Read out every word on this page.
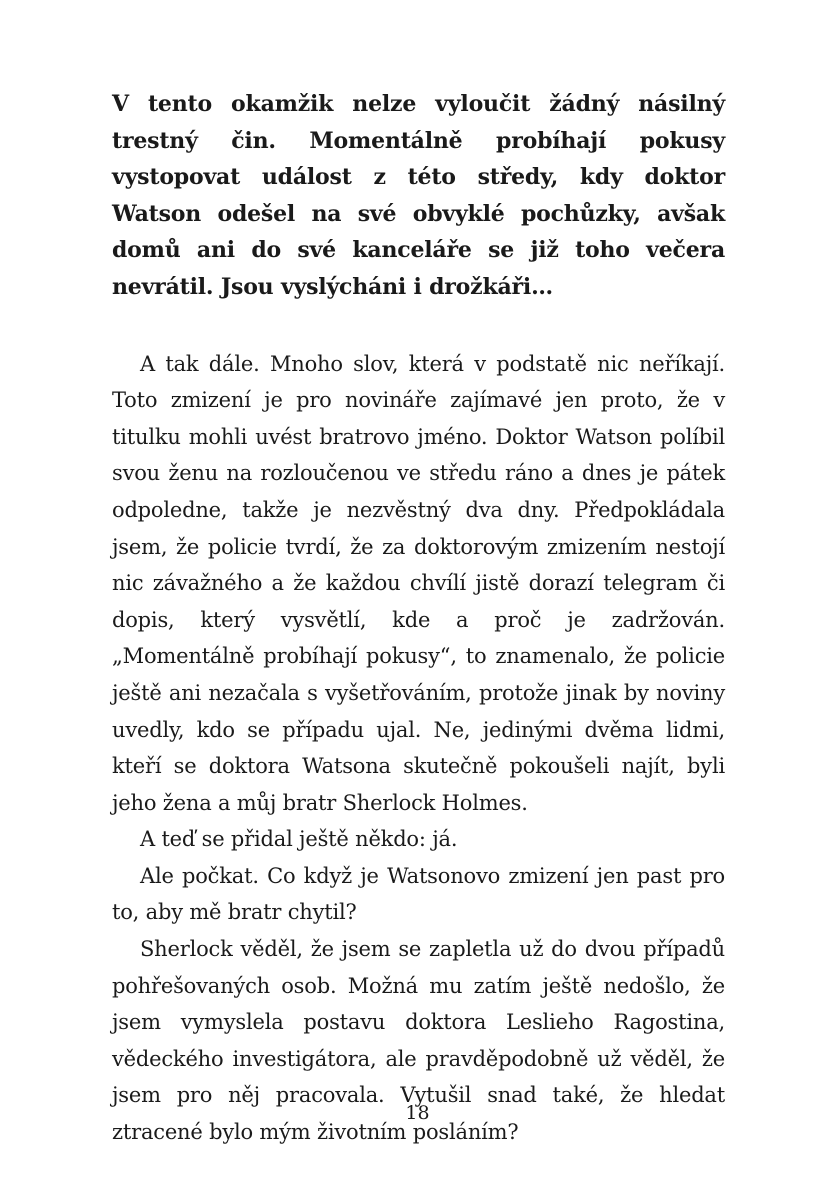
V tento okamžik nelze vyloučit žádný násilný trestný čin. Momentálně probíhají pokusy vystopovat událost z této středy, kdy doktor Watson odešel na své obvyklé pochůzky, avšak domů ani do své kanceláře se již toho večera nevrátil. Jsou vyslýcháni i drožkáři…

A tak dále. Mnoho slov, která v podstatě nic neříkají. Toto zmizení je pro novináře zajímavé jen proto, že v titulku mohli uvést bratrovo jméno. Doktor Watson políbil svou ženu na rozloučenou ve středu ráno a dnes je pátek odpoledne, takže je nezvěstný dva dny. Předpokládala jsem, že policie tvrdí, že za doktorovým zmizením nestojí nic závažného a že každou chvílí jistě dorazí telegram či dopis, který vysvětlí, kde a proč je zadržován. „Momentálně probíhají pokusy“, to znamenalo, že policie ještě ani nezačala s vyšetřováním, protože jinak by noviny uvedly, kdo se případu ujal. Ne, jedinými dvěma lidmi, kteří se doktora Watsona skutečně pokoušeli najít, byli jeho žena a můj bratr Sherlock Holmes.

A teď se přidal ještě někdo: já.

Ale počkat. Co když je Watsonovo zmizení jen past pro to, aby mě bratr chytil?

Sherlock věděl, že jsem se zapletla už do dvou případů pohřešovaných osob. Možná mu zatím ještě nedošlo, že jsem vymyslela postavu doktora Leslieho Ragostina, vědeckého investigátora, ale pravděpodobně už věděl, že jsem pro něj pracovala. Vytušil snad také, že hledat ztracené bylo mým životním posláním?

18
